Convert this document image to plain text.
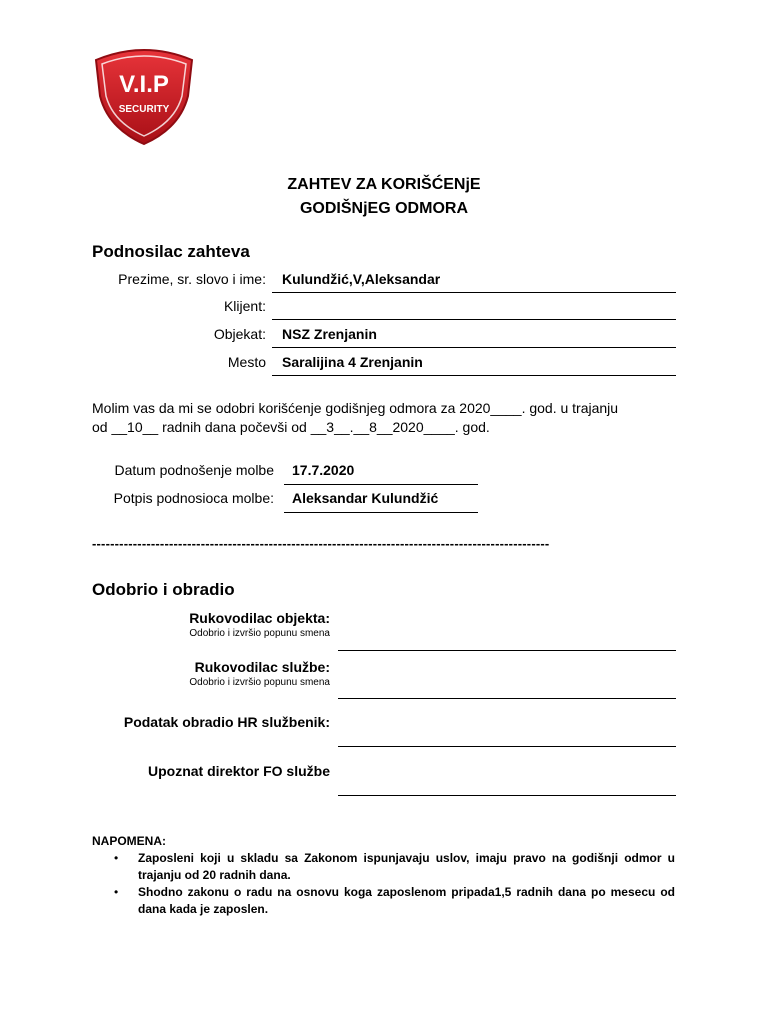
V.I.P
SECURITY
ZAHTEV ZA KORIŠĆENjE
GODIŠNjEG ODMORA
Podnosilac zahteva
Prezime, sr. slovo i ime: Kulundžić,V,Aleksandar
Klijent:
Objekat: NSZ Zrenjanin
Mesto Saralijina 4 Zrenjanin
Molim vas da mi se odobri korišćenje godišnjeg odmora za 2020____. god. u trajanju
od __10__ radnih dana počevši od __3__.__8__2020____. god.
Datum podnošenje molbe 17.7.2020
Potpis podnosioca molbe: Aleksandar Kulundžić
-----------------------------------------------------------------------------------------------------
Odobrio i obradio
Rukovodilac objekta:
Odobrio i izvršio popunu smena
Rukovodilac službe:
Odobrio i izvršio popunu smena
Podatak obradio HR službenik:
Upoznat direktor FO službe
NAPOMENA:
• Zaposleni koji u skladu sa Zakonom ispunjavaju uslov, imaju pravo na godišnji odmor u trajanju od 20 radnih dana.
• Shodno zakonu o radu na osnovu koga zaposlenom pripada1,5 radnih dana po mesecu od dana kada je zaposlen.
